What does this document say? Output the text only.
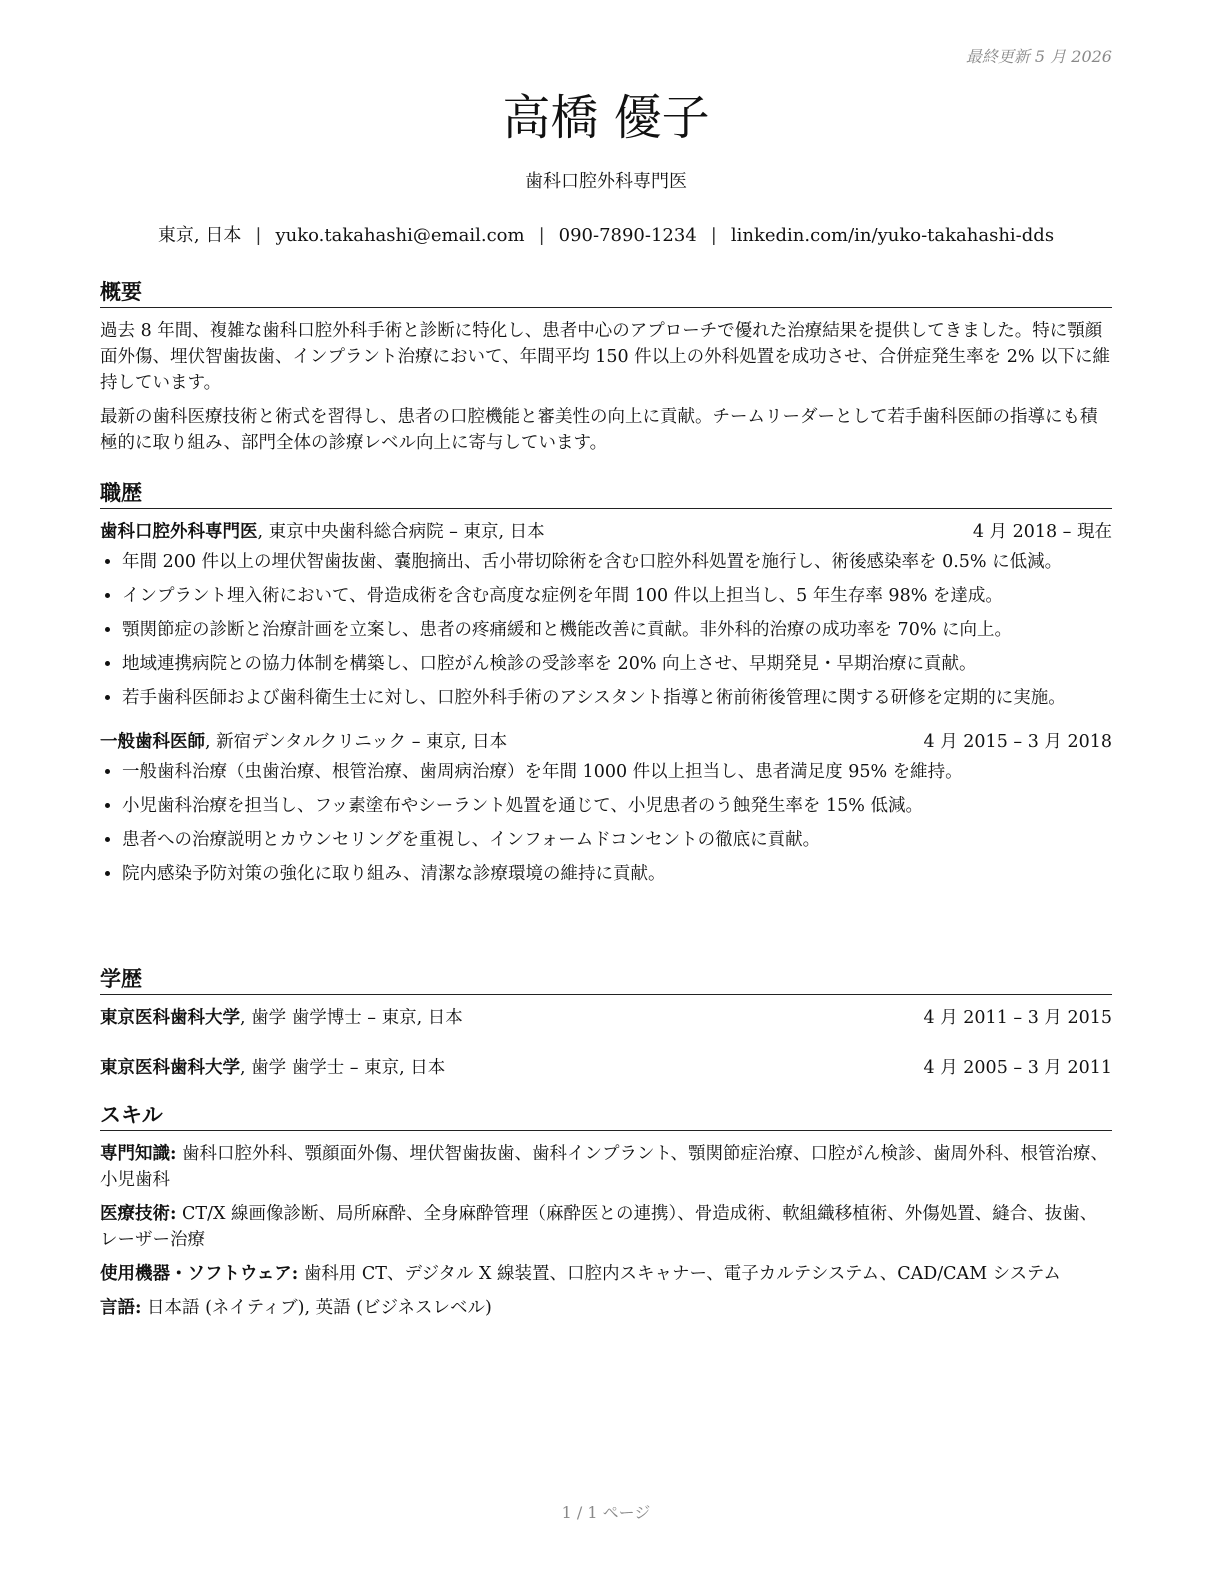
最終更新 5 月 2026
高橋 優子
歯科口腔外科専門医
東京, 日本 | yuko.takahashi@email.com | 090-7890-1234 | linkedin.com/in/yuko-takahashi-dds
概要
過去 8 年間、複雑な歯科口腔外科手術と診断に特化し、患者中心のアプローチで優れた治療結果を提供してきました。特に顎顔面外傷、埋伏智歯抜歯、インプラント治療において、年間平均 150 件以上の外科処置を成功させ、合併症発生率を 2% 以下に維持しています。
最新の歯科医療技術と術式を習得し、患者の口腔機能と審美性の向上に貢献。チームリーダーとして若手歯科医師の指導にも積極的に取り組み、部門全体の診療レベル向上に寄与しています。
職歴
歯科口腔外科専門医, 東京中央歯科総合病院 – 東京, 日本	4 月 2018 – 現在
• 年間 200 件以上の埋伏智歯抜歯、嚢胞摘出、舌小帯切除術を含む口腔外科処置を施行し、術後感染率を 0.5% に低減。
• インプラント埋入術において、骨造成術を含む高度な症例を年間 100 件以上担当し、5 年生存率 98% を達成。
• 顎関節症の診断と治療計画を立案し、患者の疼痛緩和と機能改善に貢献。非外科的治療の成功率を 70% に向上。
• 地域連携病院との協力体制を構築し、口腔がん検診の受診率を 20% 向上させ、早期発見・早期治療に貢献。
• 若手歯科医師および歯科衛生士に対し、口腔外科手術のアシスタント指導と術前術後管理に関する研修を定期的に実施。
一般歯科医師, 新宿デンタルクリニック – 東京, 日本	4 月 2015 – 3 月 2018
• 一般歯科治療（虫歯治療、根管治療、歯周病治療）を年間 1000 件以上担当し、患者満足度 95% を維持。
• 小児歯科治療を担当し、フッ素塗布やシーラント処置を通じて、小児患者のう蝕発生率を 15% 低減。
• 患者への治療説明とカウンセリングを重視し、インフォームドコンセントの徹底に貢献。
• 院内感染予防対策の強化に取り組み、清潔な診療環境の維持に貢献。
学歴
東京医科歯科大学, 歯学 歯学博士 – 東京, 日本	4 月 2011 – 3 月 2015
東京医科歯科大学, 歯学 歯学士 – 東京, 日本	4 月 2005 – 3 月 2011
スキル
専門知識: 歯科口腔外科、顎顔面外傷、埋伏智歯抜歯、歯科インプラント、顎関節症治療、口腔がん検診、歯周外科、根管治療、小児歯科
医療技術: CT/X 線画像診断、局所麻酔、全身麻酔管理（麻酔医との連携）、骨造成術、軟組織移植術、外傷処置、縫合、抜歯、レーザー治療
使用機器・ソフトウェア: 歯科用 CT、デジタル X 線装置、口腔内スキャナー、電子カルテシステム、CAD/CAM システム
言語: 日本語 (ネイティブ), 英語 (ビジネスレベル)
1 / 1 ページ
